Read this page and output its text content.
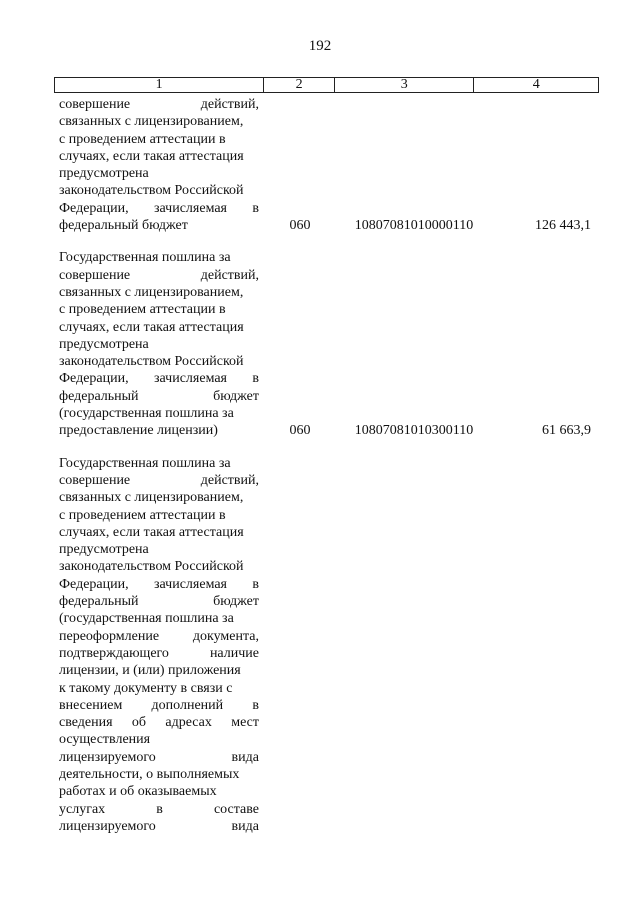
192
1	2	3	4
совершение	действий,
связанных с лицензированием,
с проведением аттестации в
случаях, если такая аттестация
предусмотрена
законодательством Российской
Федерации, зачисляемая в
федеральный бюджет	060	10807081010000110	126 443,1
Государственная пошлина за
совершение	действий,
связанных с лицензированием,
с проведением аттестации в
случаях, если такая аттестация
предусмотрена
законодательством Российской
Федерации, зачисляемая в
федеральный	бюджет
(государственная пошлина за
предоставление лицензии)	060	10807081010300110	61 663,9
Государственная пошлина за
совершение	действий,
связанных с лицензированием,
с проведением аттестации в
случаях, если такая аттестация
предусмотрена
законодательством Российской
Федерации, зачисляемая в
федеральный	бюджет
(государственная пошлина за
переоформление документа,
подтверждающего	наличие
лицензии, и (или) приложения
к такому документу в связи с
внесением дополнений в
сведения об адресах мест
осуществления
лицензируемого	вида
деятельности, о выполняемых
работах и об оказываемых
услугах	в	составе
лицензируемого	вида
